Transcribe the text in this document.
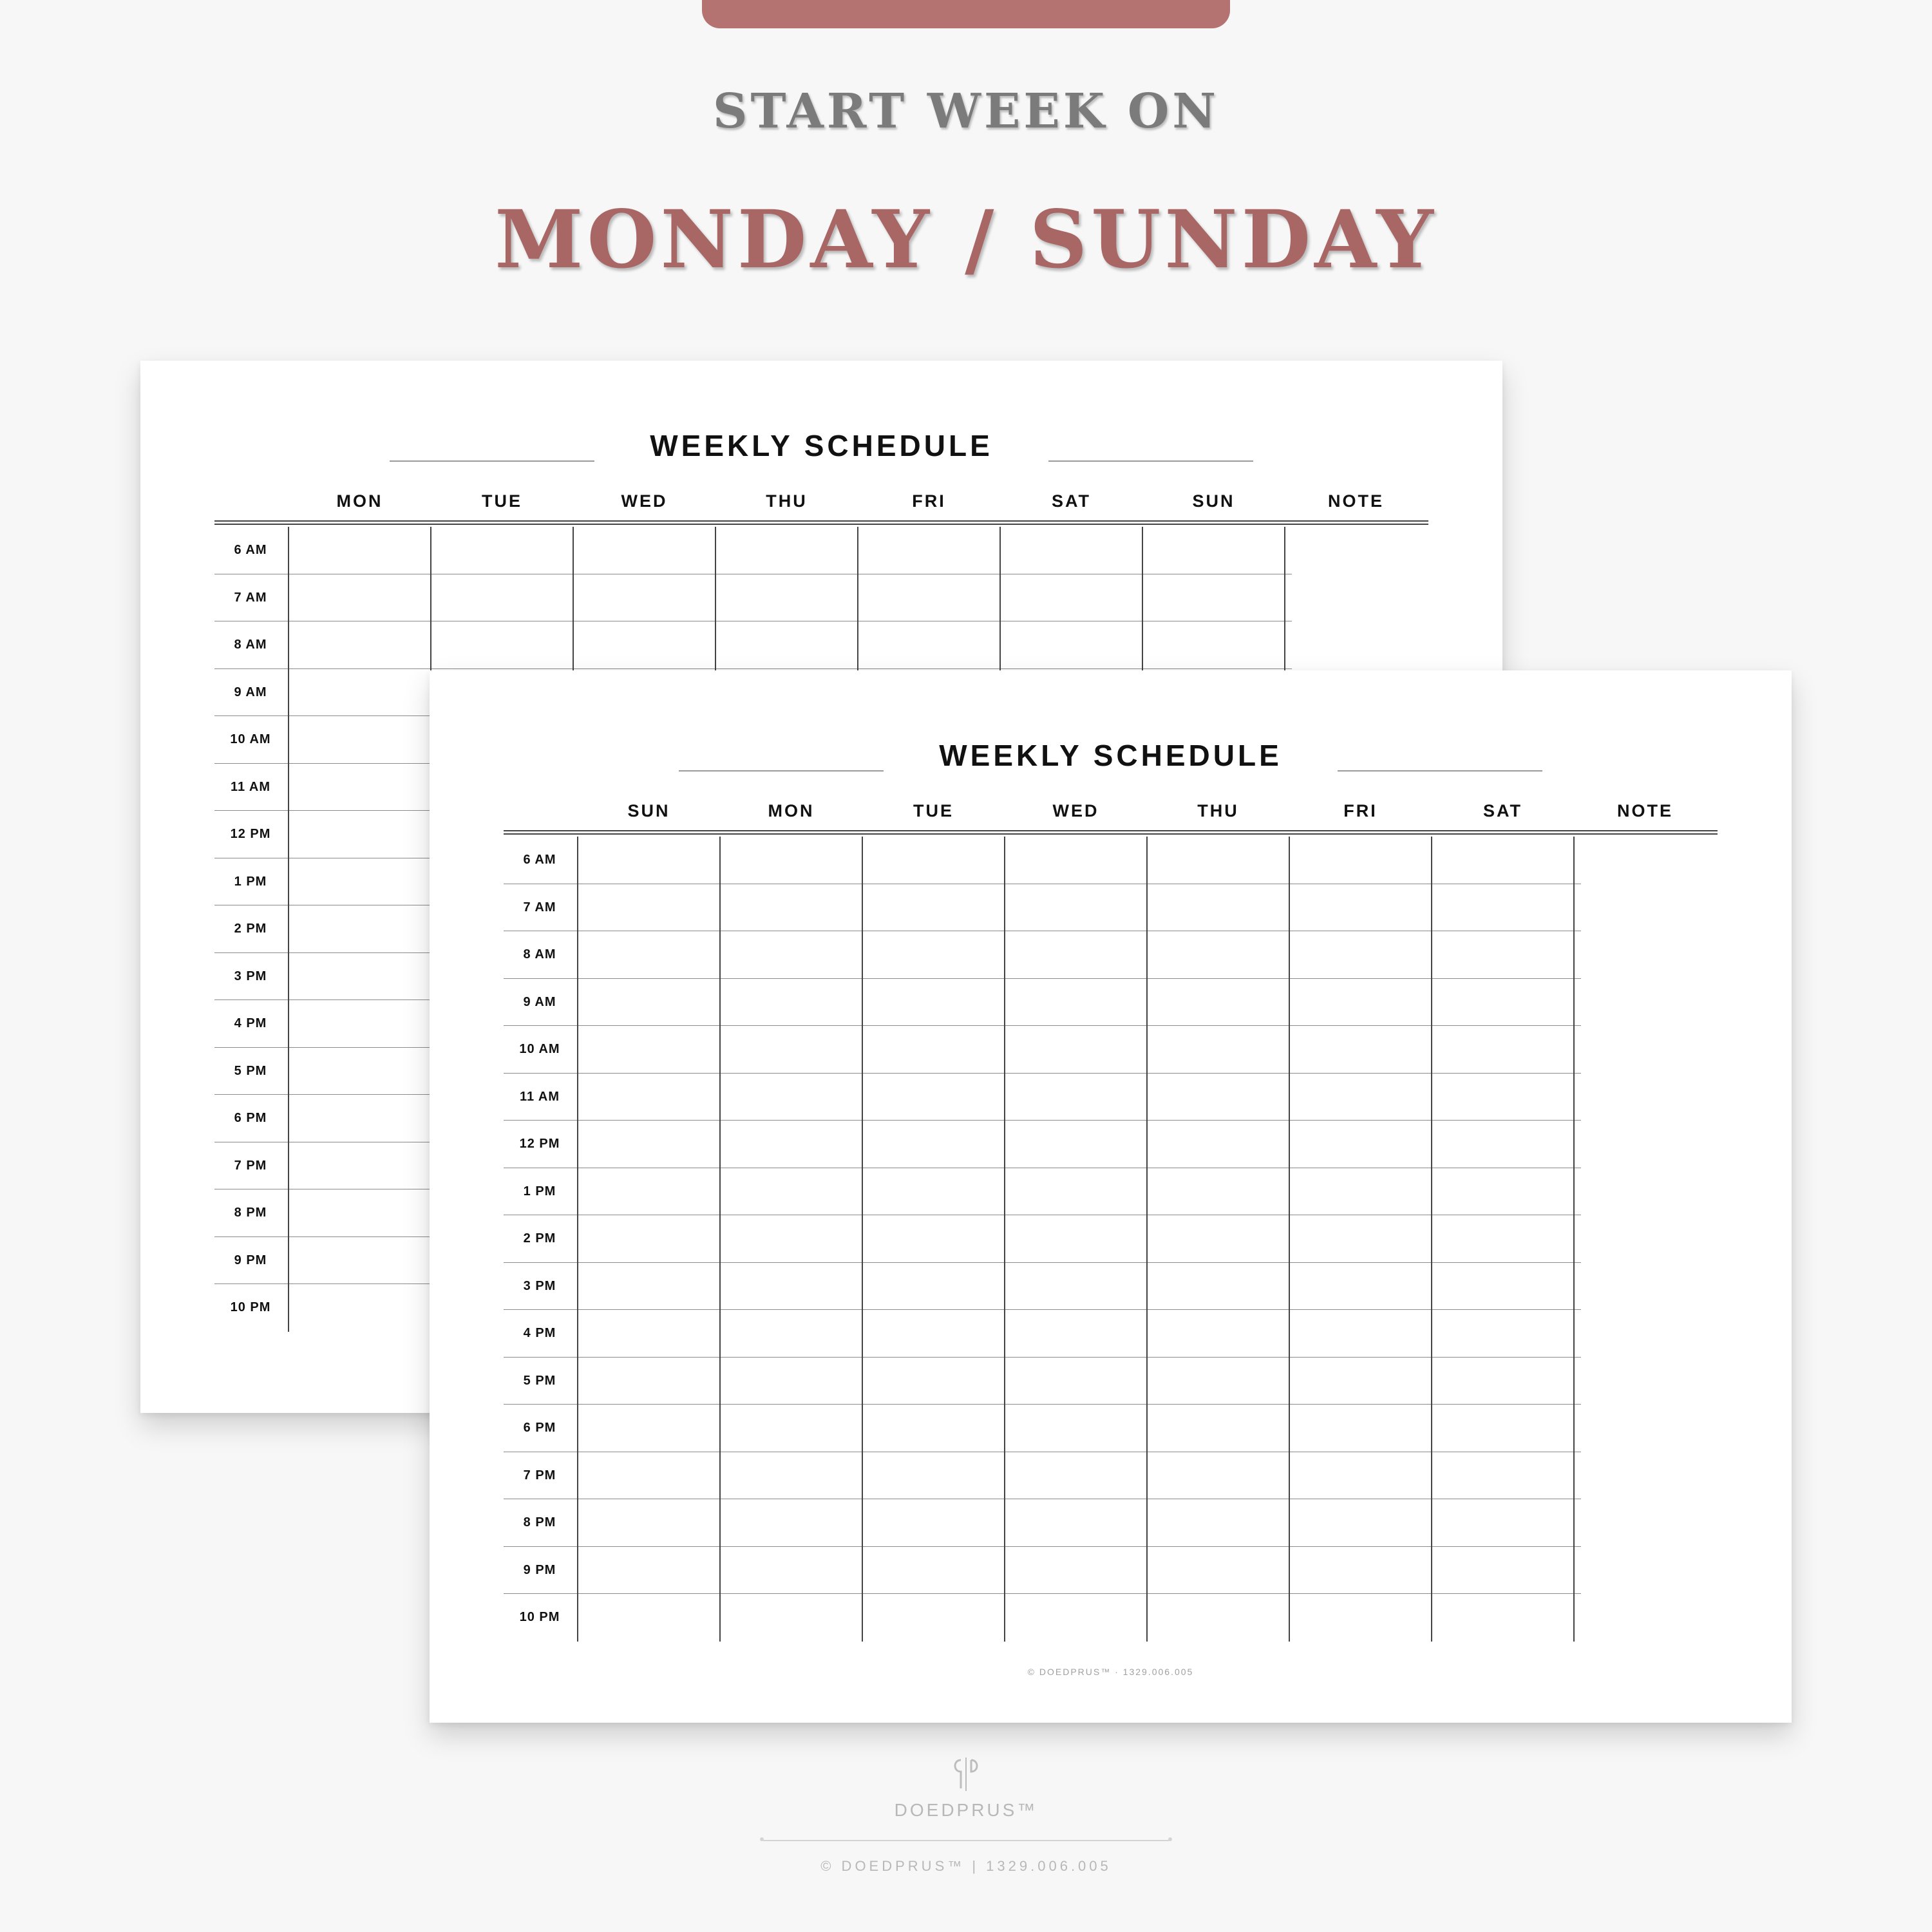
START WEEK ON
MONDAY / SUNDAY
WEEKLY SCHEDULE
MON	TUE	WED	THU	FRI	SAT	SUN	NOTE
6 AM
7 AM
8 AM
9 AM
10 AM
11 AM
12 PM
1 PM
2 PM
3 PM
4 PM
5 PM
6 PM
7 PM
8 PM
9 PM
10 PM
WEEKLY SCHEDULE
SUN	MON	TUE	WED	THU	FRI	SAT	NOTE
6 AM
7 AM
8 AM
9 AM
10 AM
11 AM
12 PM
1 PM
2 PM
3 PM
4 PM
5 PM
6 PM
7 PM
8 PM
9 PM
10 PM
© DOEDPRUS™ · 1329.006.005
DOEDPRUS™
© DOEDPRUS™ | 1329.006.005
